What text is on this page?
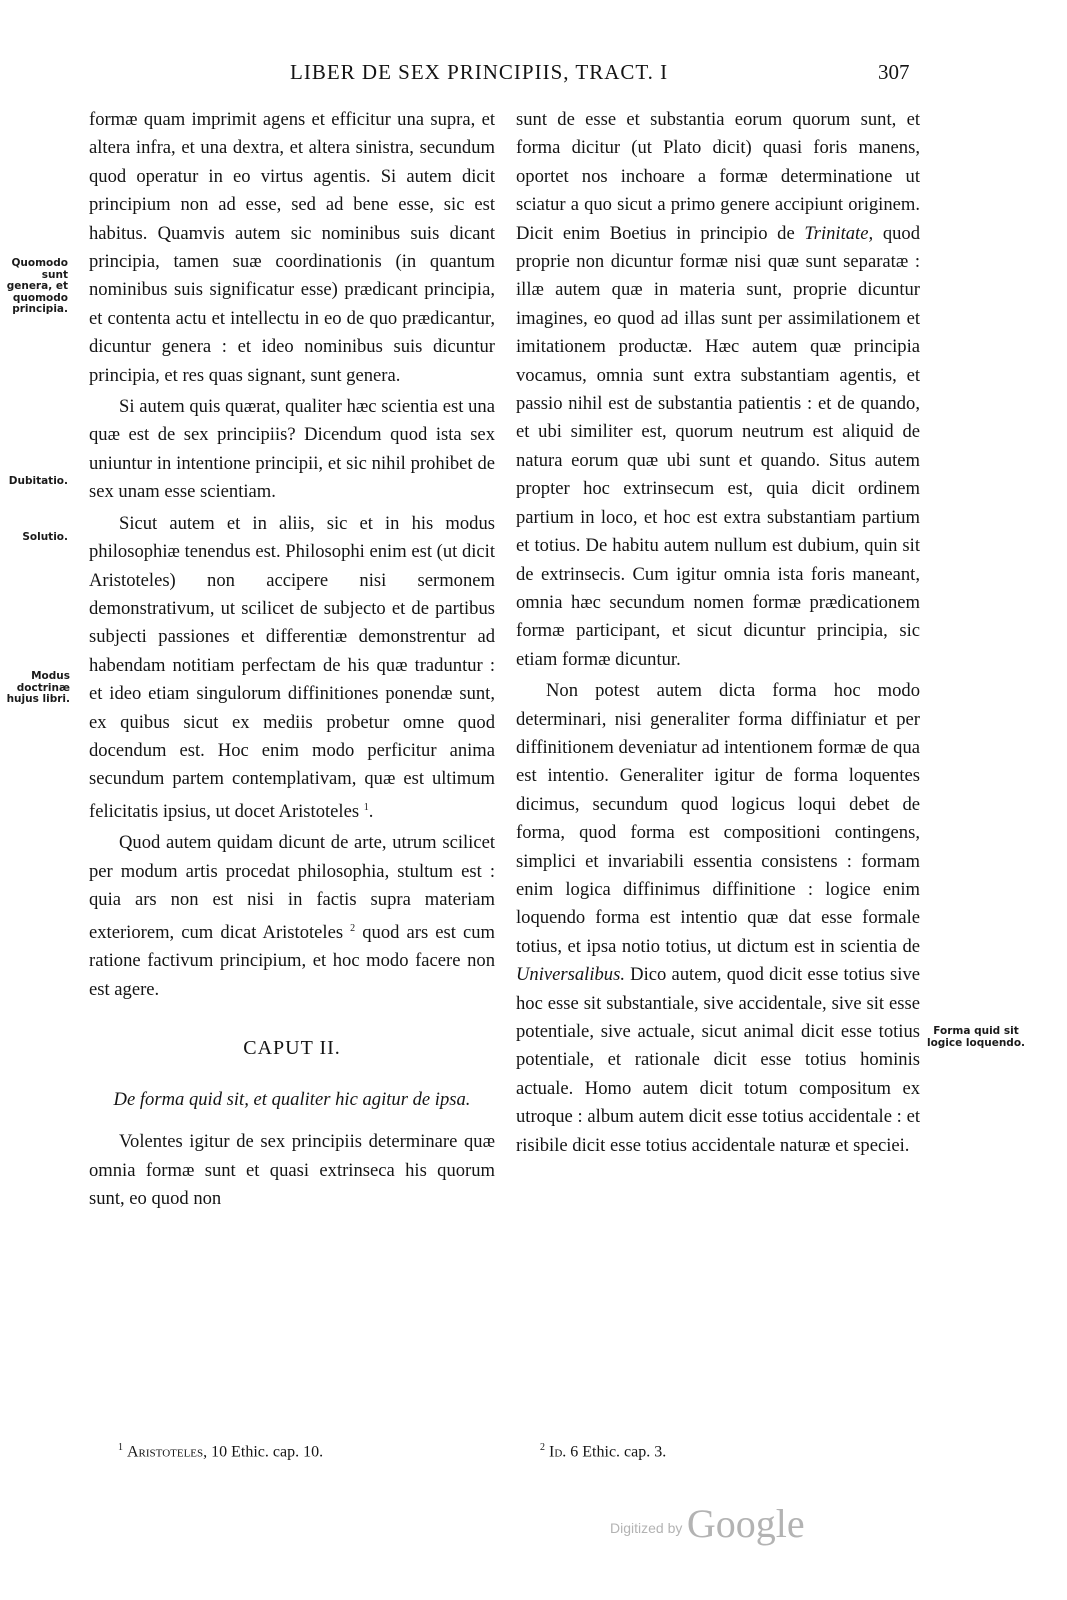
LIBER DE SEX PRINCIPIIS, TRACT. I	307
Quomodo sunt genera, et quomodo principia.
Dubitatio.
Solutio.
Modus doctrinæ hujus libri.
Forma quid sit logice loquendo.

formæ quam imprimit agens et efficitur una supra, et altera infra, et una dextra, et altera sinistra, secundum quod operatur in eo virtus agentis. Si autem dicit principium non ad esse, sed ad bene esse, sic est habitus. Quamvis autem sic nominibus suis dicant principia, tamen suæ coordinationis (in quantum nominibus suis significatur esse) prædicant principia, et contenta actu et intellectu in eo de quo prædicantur, dicuntur genera : et ideo nominibus suis dicuntur principia, et res quas signant, sunt genera.

Si autem quis quærat, qualiter hæc scientia est una quæ est de sex principiis? Dicendum quod ista sex uniuntur in intentione principii, et sic nihil prohibet de sex unam esse scientiam.

Sicut autem et in aliis, sic et in his modus philosophiæ tenendus est. Philosophi enim est (ut dicit Aristoteles) non accipere nisi sermonem demonstrativum, ut scilicet de subjecto et de partibus subjecti passiones et differentiæ demonstrentur ad habendam notitiam perfectam de his quæ traduntur : et ideo etiam singulorum diffinitiones ponendæ sunt, ex quibus sicut ex mediis probetur omne quod docendum est. Hoc enim modo perficitur anima secundum partem contemplativam, quæ est ultimum felicitatis ipsius, ut docet Aristoteles $^1$.

Quod autem quidam dicunt de arte, utrum scilicet per modum artis procedat philosophia, stultum est : quia ars non est nisi in factis supra materiam exteriorem, cum dicat Aristoteles $^2$ quod ars est cum ratione factivum principium, et hoc modo facere non est agere.

CAPUT II.
De forma quid sit, et qualiter hic agitur de ipsa.

Volentes igitur de sex principiis determinare quæ omnia formæ sunt et quasi extrinseca his quorum sunt, eo quod non

sunt de esse et substantia eorum quorum sunt, et forma dicitur (ut Plato dicit) quasi foris manens, oportet nos inchoare a formæ determinatione ut sciatur a quo sicut a primo genere accipiunt originem. Dicit enim Boetius in principio de Trinitate, quod proprie non dicuntur formæ nisi quæ sunt separatæ : illæ autem quæ in materia sunt, proprie dicuntur imagines, eo quod ad illas sunt per assimilationem et imitationem productæ. Hæc autem quæ principia vocamus, omnia sunt extra substantiam agentis, et passio nihil est de substantia patientis : et de quando, et ubi similiter est, quorum neutrum est aliquid de natura eorum quæ ubi sunt et quando. Situs autem propter hoc extrinsecum est, quia dicit ordinem partium in loco, et hoc est extra substantiam partium et totius. De habitu autem nullum est dubium, quin sit de extrinsecis. Cum igitur omnia ista foris maneant, omnia hæc secundum nomen formæ prædicationem formæ participant, et sicut dicuntur principia, sic etiam formæ dicuntur.

Non potest autem dicta forma hoc modo determinari, nisi generaliter forma diffiniatur et per diffinitionem deveniatur ad intentionem formæ de qua est intentio. Generaliter igitur de forma loquentes dicimus, secundum quod logicus loqui debet de forma, quod forma est compositioni contingens, simplici et invariabili essentia consistens : formam enim logica diffinimus diffinitione : logice enim loquendo forma est intentio quæ dat esse formale totius, et ipsa notio totius, ut dictum est in scientia de Universalibus. Dico autem, quod dicit esse totius sive hoc esse sit substantiale, sive accidentale, sive sit esse potentiale, sive actuale, sicut animal dicit esse totius potentiale, et rationale dicit esse totius hominis actuale. Homo autem dicit totum compositum ex utroque : album autem dicit esse totius accidentale : et risibile dicit esse totius accidentale naturæ et speciei.

$^1$ Aristoteles, 10 Ethic. cap. 10.	$^2$ Id. 6 Ethic. cap. 3.
Digitized by Google
